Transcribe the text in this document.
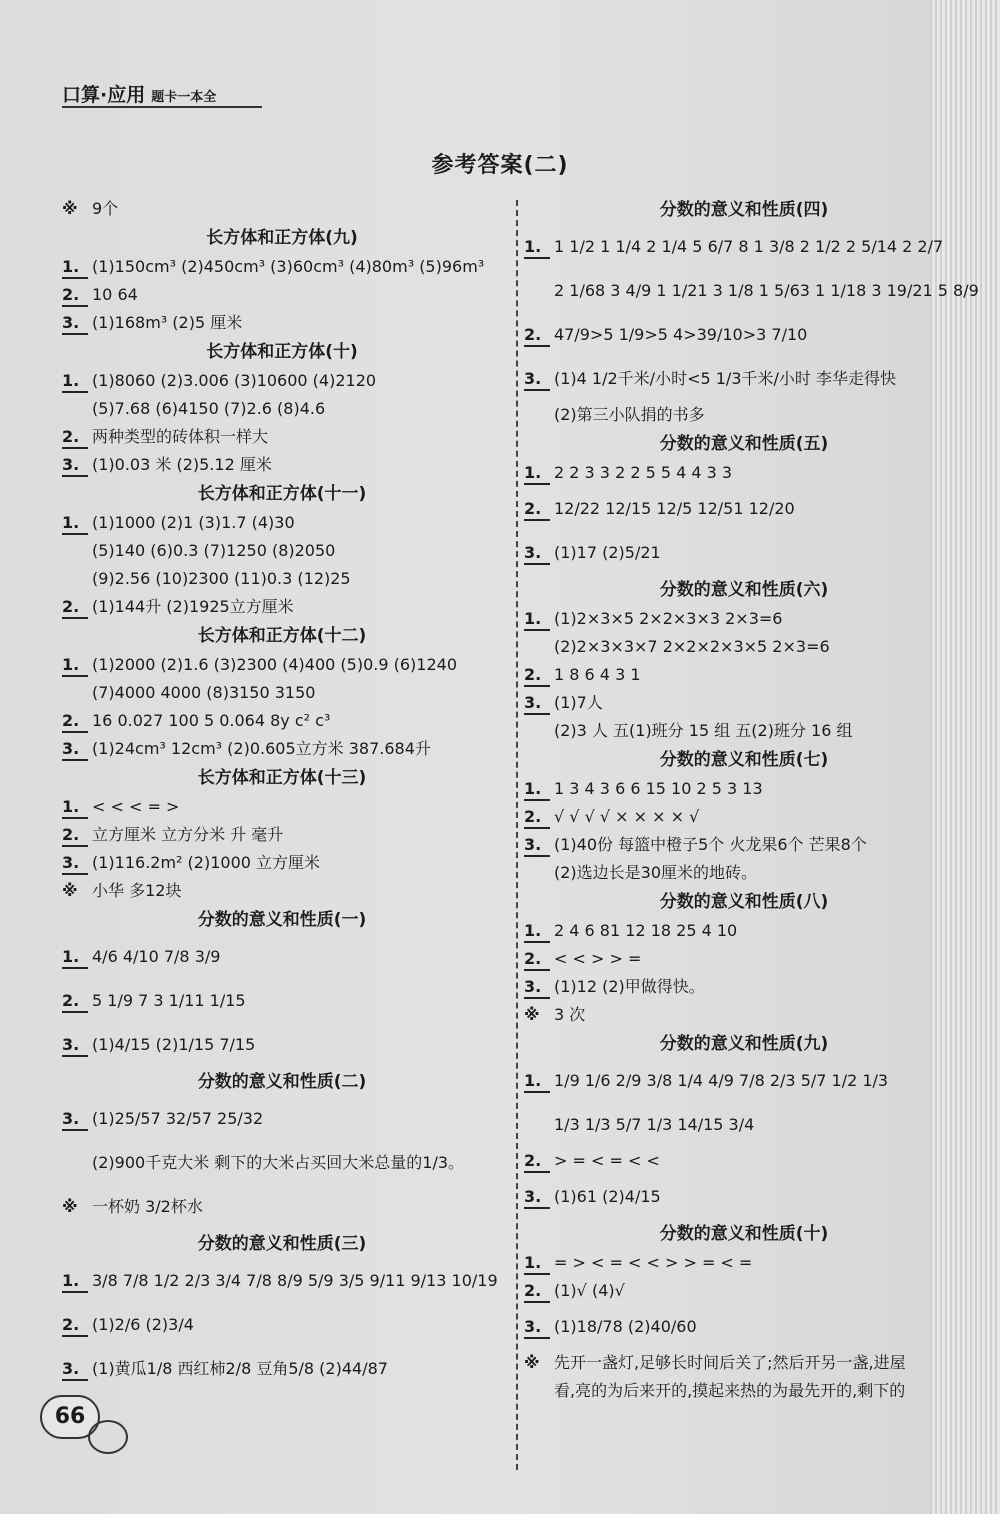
口算·应用 题卡一本全
参考答案(二)
※ 9个
长方体和正方体(九)
1. (1)150cm³ (2)450cm³ (3)60cm³ (4)80m³ (5)96m³
2. 10 64
3. (1)168m³ (2)5 厘米
长方体和正方体(十)
1. (1)8060 (2)3.006 (3)10600 (4)2120
(5)7.68 (6)4150 (7)2.6 (8)4.6
2. 两种类型的砖体积一样大
3. (1)0.03 米 (2)5.12 厘米
长方体和正方体(十一)
1. (1)1000 (2)1 (3)1.7 (4)30
(5)140 (6)0.3 (7)1250 (8)2050
(9)2.56 (10)2300 (11)0.3 (12)25
2. (1)144升 (2)1925立方厘米
长方体和正方体(十二)
1. (1)2000 (2)1.6 (3)2300 (4)400 (5)0.9 (6)1240
(7)4000 4000 (8)3150 3150
2. 16 0.027 100 5 0.064 8y c² c³
3. (1)24cm³ 12cm³ (2)0.605立方米 387.684升
长方体和正方体(十三)
1. < < < = >
2. 立方厘米 立方分米 升 毫升
3. (1)116.2m² (2)1000 立方厘米
※ 小华 多12块
分数的意义和性质(一)
1. 4/6 4/10 7/8 3/9
2. 5 1/9 7 3 1/11 1/15
3. (1)4/15 (2)1/15 7/15
分数的意义和性质(二)
3. (1)25/57 32/57 25/32
(2)900千克大米 剩下的大米占买回大米总量的1/3。
※ 一杯奶 3/2杯水
分数的意义和性质(三)
1. 3/8 7/8 1/2 2/3 3/4 7/8 8/9 5/9 3/5 9/11 9/13 10/19
2. (1)2/6 (2)3/4
3. (1)黄瓜1/8 西红柿2/8 豆角5/8 (2)44/87
分数的意义和性质(四)
1. 1 1/2 1 1/4 2 1/4 5 6/7 8 1 3/8 2 1/2 2 5/14 2 2/7
2 1/68 3 4/9 1 1/21 3 1/8 1 5/63 1 1/18 3 19/21 5 8/9
2. 47/9>5 1/9>5 4>39/10>3 7/10
3. (1)4 1/2千米/小时<5 1/3千米/小时 李华走得快
(2)第三小队捐的书多
分数的意义和性质(五)
1. 2 2 3 3 2 2 5 5 4 4 3 3
2. 12/22 12/15 12/5 12/51 12/20
3. (1)17 (2)5/21
分数的意义和性质(六)
1. (1)2×3×5 2×2×3×3 2×3=6
(2)2×3×3×7 2×2×2×3×5 2×3=6
2. 1 8 6 4 3 1
3. (1)7人
(2)3 人 五(1)班分 15 组 五(2)班分 16 组
分数的意义和性质(七)
1. 1 3 4 3 6 6 15 10 2 5 3 13
2. √ √ √ √ × × × × √
3. (1)40份 每篮中橙子5个 火龙果6个 芒果8个
(2)选边长是30厘米的地砖。
分数的意义和性质(八)
1. 2 4 6 81 12 18 25 4 10
2. < < > > =
3. (1)12 (2)甲做得快。
※ 3 次
分数的意义和性质(九)
1. 1/9 1/6 2/9 3/8 1/4 4/9 7/8 2/3 5/7 1/2 1/3
1/3 1/3 5/7 1/3 14/15 3/4
2. > = < = < <
3. (1)61 (2)4/15
分数的意义和性质(十)
1. = > < = < < > > = < =
2. (1)√ (4)√
3. (1)18/78 (2)40/60
※ 先开一盏灯,足够长时间后关了;然后开另一盏,进屋
看,亮的为后来开的,摸起来热的为最先开的,剩下的
66
